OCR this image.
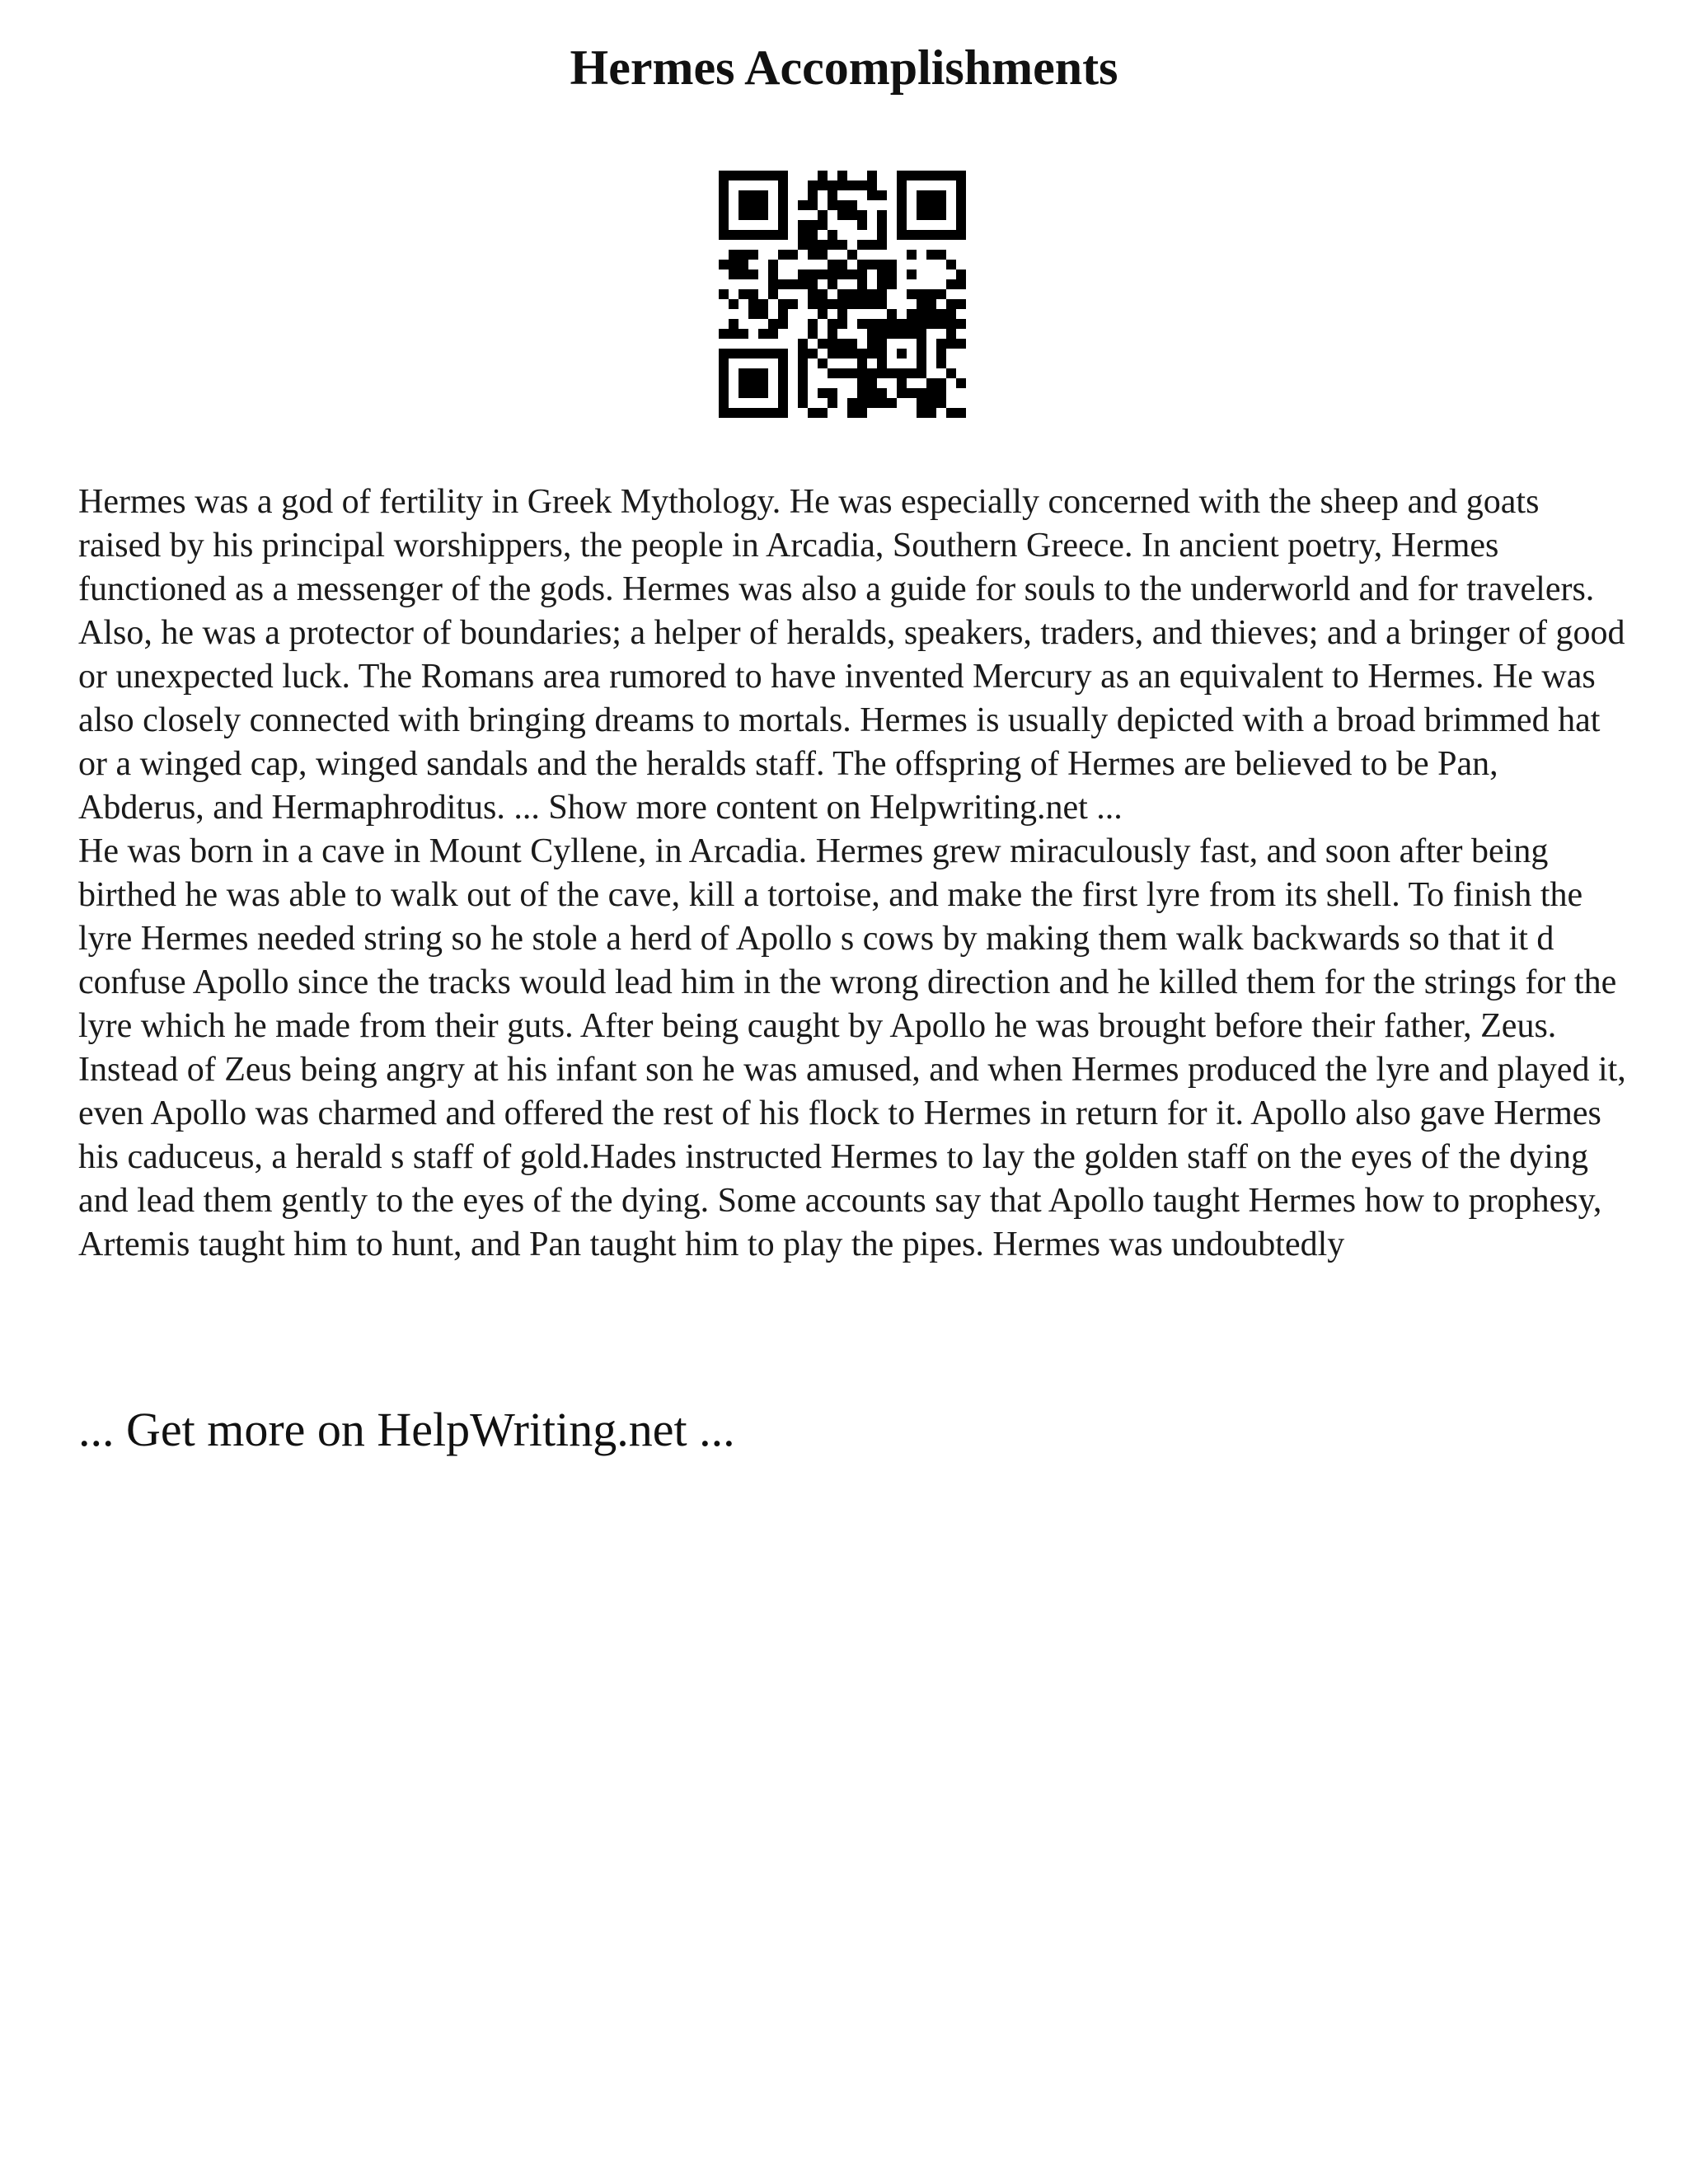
Hermes Accomplishments

Hermes was a god of fertility in Greek Mythology. He was especially concerned with the sheep and goats raised by his principal worshippers, the people in Arcadia, Southern Greece. In ancient poetry, Hermes functioned as a messenger of the gods. Hermes was also a guide for souls to the underworld and for travelers. Also, he was a protector of boundaries; a helper of heralds, speakers, traders, and thieves; and a bringer of good or unexpected luck. The Romans area rumored to have invented Mercury as an equivalent to Hermes. He was also closely connected with bringing dreams to mortals. Hermes is usually depicted with a broad brimmed hat or a winged cap, winged sandals and the heralds staff. The offspring of Hermes are believed to be Pan, Abderus, and Hermaphroditus. ... Show more content on Helpwriting.net ...

He was born in a cave in Mount Cyllene, in Arcadia. Hermes grew miraculously fast, and soon after being birthed he was able to walk out of the cave, kill a tortoise, and make the first lyre from its shell. To finish the lyre Hermes needed string so he stole a herd of Apollo s cows by making them walk backwards so that it d confuse Apollo since the tracks would lead him in the wrong direction and he killed them for the strings for the lyre which he made from their guts. After being caught by Apollo he was brought before their father, Zeus. Instead of Zeus being angry at his infant son he was amused, and when Hermes produced the lyre and played it, even Apollo was charmed and offered the rest of his flock to Hermes in return for it. Apollo also gave Hermes his caduceus, a herald s staff of gold.Hades instructed Hermes to lay the golden staff on the eyes of the dying and lead them gently to the eyes of the dying. Some accounts say that Apollo taught Hermes how to prophesy, Artemis taught him to hunt, and Pan taught him to play the pipes. Hermes was undoubtedly

... Get more on HelpWriting.net ...
